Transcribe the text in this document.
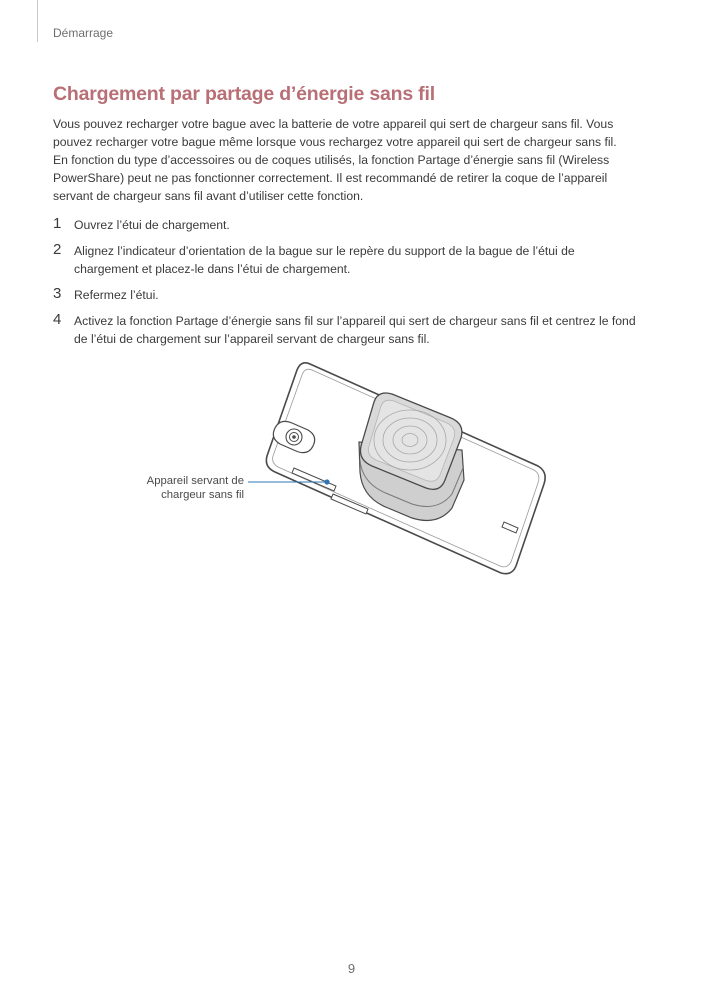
Démarrage
Chargement par partage d’énergie sans fil

Vous pouvez recharger votre bague avec la batterie de votre appareil qui sert de chargeur sans fil. Vous
pouvez recharger votre bague même lorsque vous rechargez votre appareil qui sert de chargeur sans fil.
En fonction du type d’accessoires ou de coques utilisés, la fonction Partage d’énergie sans fil (Wireless
PowerShare) peut ne pas fonctionner correctement. Il est recommandé de retirer la coque de l’appareil
servant de chargeur sans fil avant d’utiliser cette fonction.

1 Ouvrez l’étui de chargement.
2 Alignez l’indicateur d’orientation de la bague sur le repère du support de la bague de l’étui de
chargement et placez-le dans l’étui de chargement.
3 Refermez l’étui.
4 Activez la fonction Partage d’énergie sans fil sur l’appareil qui sert de chargeur sans fil et centrez le fond
de l’étui de chargement sur l’appareil servant de chargeur sans fil.
Appareil servant de
chargeur sans fil
9
